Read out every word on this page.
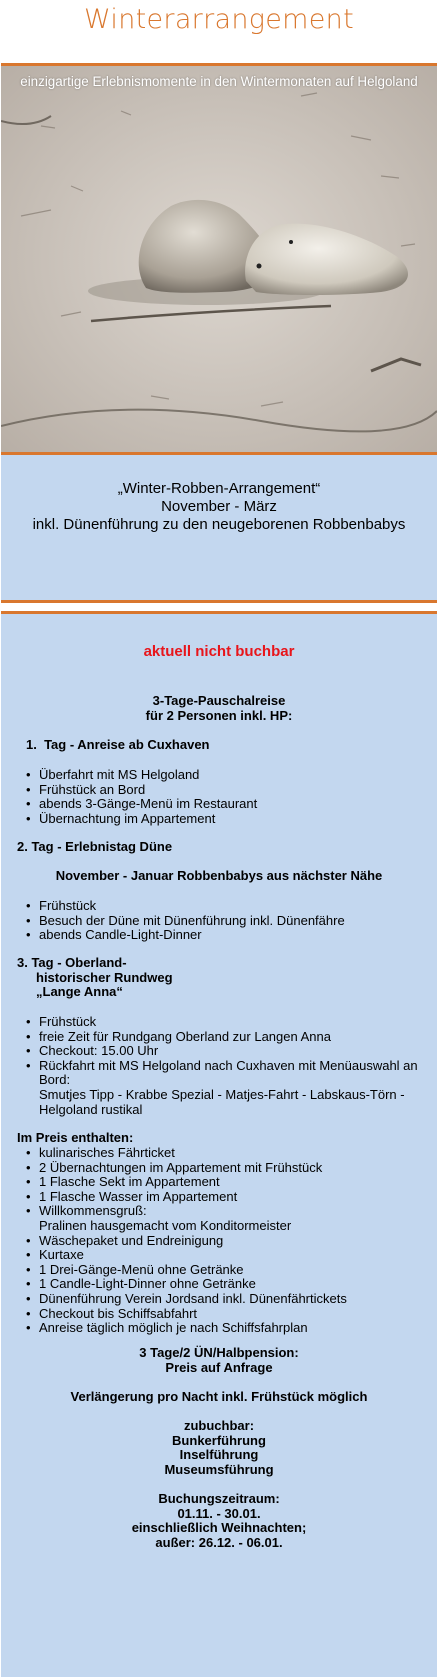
Winterarrangement
einzigartige Erlebnismomente in den Wintermonaten auf Helgoland
„Winter-Robben-Arrangement“
November - März
inkl. Dünenführung zu den neugeborenen Robbenbabys
aktuell nicht buchbar
3-Tage-Pauschalreise
für 2 Personen inkl. HP:
1.  Tag - Anreise ab Cuxhaven
• Überfahrt mit MS Helgoland
• Frühstück an Bord
• abends 3-Gänge-Menü im Restaurant
• Übernachtung im Appartement
2. Tag - Erlebnistag Düne
November - Januar Robbenbabys aus nächster Nähe
• Frühstück
• Besuch der Düne mit Dünenführung inkl. Dünenfähre
• abends Candle-Light-Dinner
3. Tag - Oberland-
historischer Rundweg
„Lange Anna“
• Frühstück
• freie Zeit für Rundgang Oberland zur Langen Anna
• Checkout: 15.00 Uhr
• Rückfahrt mit MS Helgoland nach Cuxhaven mit Menüauswahl an
Bord:
Smutjes Tipp - Krabbe Spezial - Matjes-Fahrt - Labskaus-Törn -
Helgoland rustikal
Im Preis enthalten:
• kulinarisches Fährticket
• 2 Übernachtungen im Appartement mit Frühstück
• 1 Flasche Sekt im Appartement
• 1 Flasche Wasser im Appartement
• Willkommensgruß:
Pralinen hausgemacht vom Konditormeister
• Wäschepaket und Endreinigung
• Kurtaxe
• 1 Drei-Gänge-Menü ohne Getränke
• 1 Candle-Light-Dinner ohne Getränke
• Dünenführung Verein Jordsand inkl. Dünenfährtickets
• Checkout bis Schiffsabfahrt
• Anreise täglich möglich je nach Schiffsfahrplan
3 Tage/2 ÜN/Halbpension:
Preis auf Anfrage
Verlängerung pro Nacht inkl. Frühstück möglich
zubuchbar:
Bunkerführung
Inselführung
Museumsführung
Buchungszeitraum:
01.11. - 30.01.
einschließlich Weihnachten;
außer: 26.12. - 06.01.
